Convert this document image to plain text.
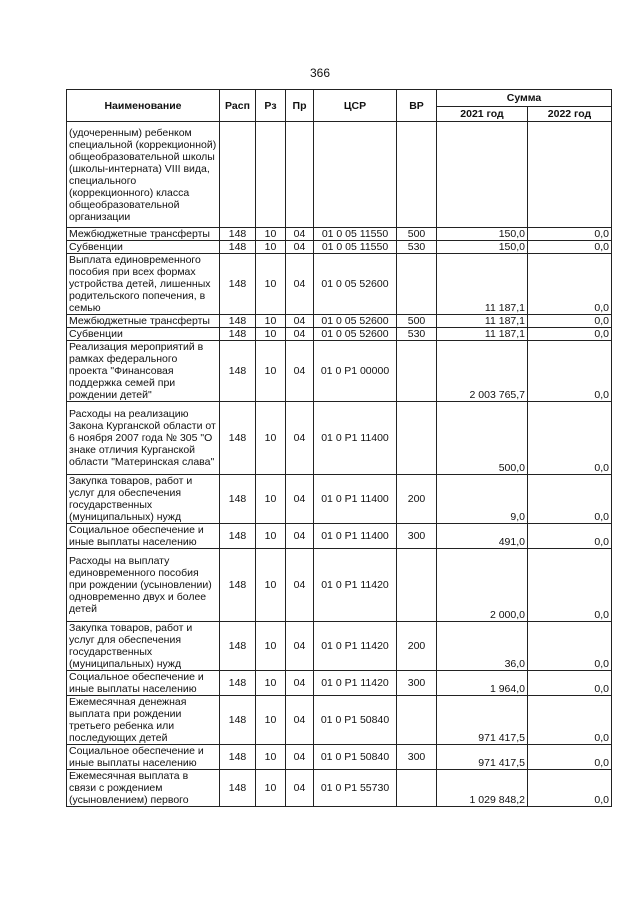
366
Наименование	Расп	Рз	Пр	ЦСР	ВР	Сумма	
						2021 год	2022 год
(удочеренным) ребенком специальной (коррекционной) общеобразовательной школы (школы-интерната) VIII вида, специального (коррекционного) класса общеобразовательной организации							
Межбюджетные трансферты	148	10	04	01 0 05 11550	500	150,0	0,0
Субвенции	148	10	04	01 0 05 11550	530	150,0	0,0
Выплата единовременного пособия при всех формах устройства детей, лишенных родительского попечения, в семью	148	10	04	01 0 05 52600		11 187,1	0,0
Межбюджетные трансферты	148	10	04	01 0 05 52600	500	11 187,1	0,0
Субвенции	148	10	04	01 0 05 52600	530	11 187,1	0,0
Реализация мероприятий в рамках федерального проекта "Финансовая поддержка семей при рождении детей"	148	10	04	01 0 P1 00000		2 003 765,7	0,0
Расходы на реализацию Закона Курганской области от 6 ноября 2007 года № 305 "О знаке отличия Курганской области "Материнская слава"	148	10	04	01 0 P1 11400		500,0	0,0
Закупка товаров, работ и услуг для обеспечения государственных (муниципальных) нужд	148	10	04	01 0 P1 11400	200	9,0	0,0
Социальное обеспечение и иные выплаты населению	148	10	04	01 0 P1 11400	300	491,0	0,0
Расходы на выплату единовременного пособия при рождении (усыновлении) одновременно двух и более детей	148	10	04	01 0 P1 11420		2 000,0	0,0
Закупка товаров, работ и услуг для обеспечения государственных (муниципальных) нужд	148	10	04	01 0 P1 11420	200	36,0	0,0
Социальное обеспечение и иные выплаты населению	148	10	04	01 0 P1 11420	300	1 964,0	0,0
Ежемесячная денежная выплата при рождении третьего ребенка или последующих детей	148	10	04	01 0 P1 50840		971 417,5	0,0
Социальное обеспечение и иные выплаты населению	148	10	04	01 0 P1 50840	300	971 417,5	0,0
Ежемесячная выплата в связи с рождением (усыновлением) первого	148	10	04	01 0 P1 55730		1 029 848,2	0,0
